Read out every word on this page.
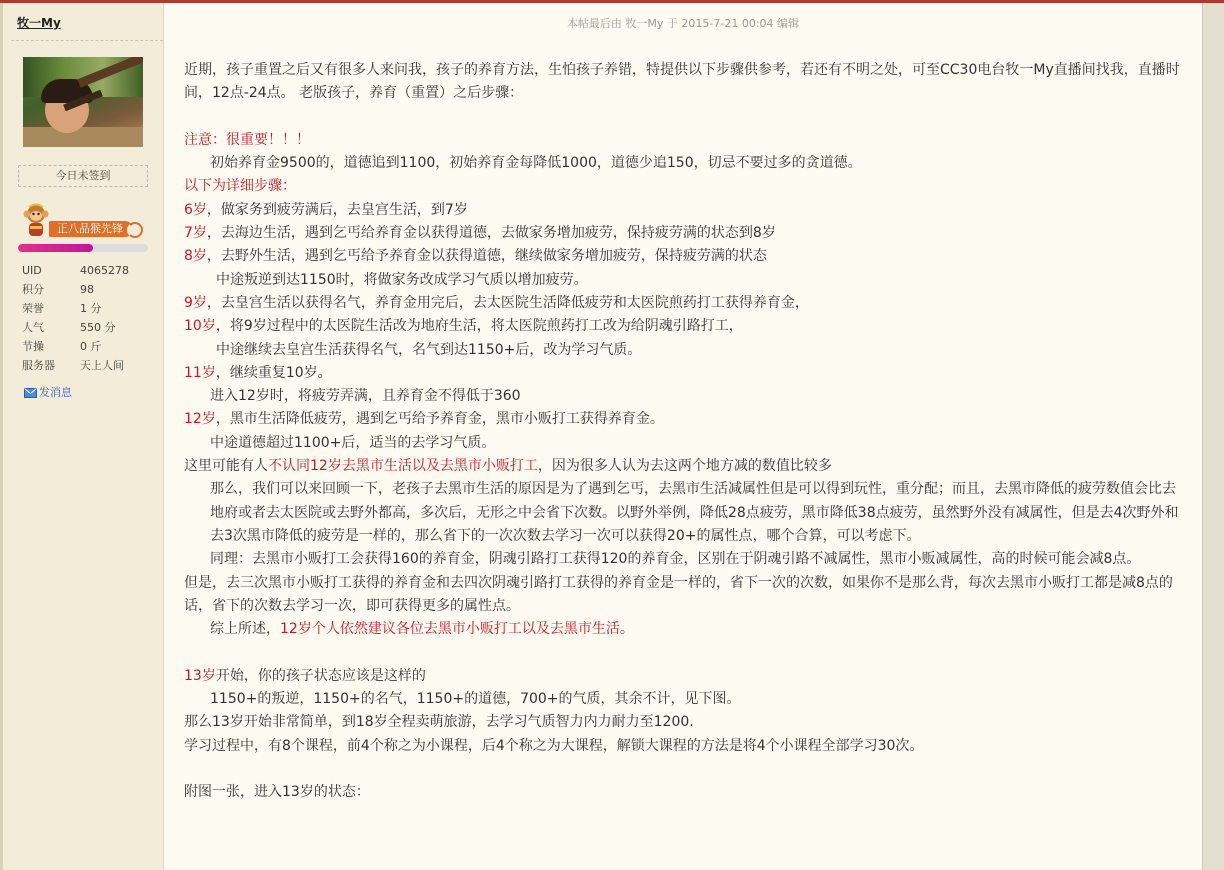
牧一My
今日未签到
正八品猴先锋
UID	4065278
积分	98
荣誉	1 分
人气	550 分
节操	0 斤
服务器 天上人间
发消息
本帖最后由 牧一My 于 2015-7-21 00:04 编辑

近期，孩子重置之后又有很多人来问我，孩子的养育方法，生怕孩子养错，特提供以下步骤供参考，若还有不明之处，可至CC30电台牧一My直播间找我，直播时间，12点-24点。 老版孩子，养育（重置）之后步骤：

注意：很重要！！！

初始养育金9500的，道德追到1100，初始养育金每降低1000，道德少追150，切忌不要过多的贪道德。

以下为详细步骤：

6岁，做家务到疲劳满后，去皇宫生活，到7岁

7岁，去海边生活，遇到乞丐给养育金以获得道德，去做家务增加疲劳，保持疲劳满的状态到8岁

8岁，去野外生活，遇到乞丐给予养育金以获得道德，继续做家务增加疲劳，保持疲劳满的状态

中途叛逆到达1150时，将做家务改成学习气质以增加疲劳。

9岁，去皇宫生活以获得名气，养育金用完后，去太医院生活降低疲劳和太医院煎药打工获得养育金，

10岁，将9岁过程中的太医院生活改为地府生活，将太医院煎药打工改为给阴魂引路打工，

中途继续去皇宫生活获得名气，名气到达1150+后，改为学习气质。

11岁，继续重复10岁。

进入12岁时，将疲劳弄满，且养育金不得低于360

12岁，黑市生活降低疲劳，遇到乞丐给予养育金，黑市小贩打工获得养育金。

中途道德超过1100+后，适当的去学习气质。

这里可能有人不认同12岁去黑市生活以及去黑市小贩打工，因为很多人认为去这两个地方减的数值比较多

那么，我们可以来回顾一下，老孩子去黑市生活的原因是为了遇到乞丐，去黑市生活减属性但是可以得到玩性，重分配；而且，去黑市降低的疲劳数值会比去地府或者去太医院或去野外都高，多次后，无形之中会省下次数。以野外举例，降低28点疲劳，黑市降低38点疲劳，虽然野外没有减属性，但是去4次野外和去3次黑市降低的疲劳是一样的，那么省下的一次次数去学习一次可以获得20+的属性点，哪个合算，可以考虑下。

同理：去黑市小贩打工会获得160的养育金，阴魂引路打工获得120的养育金，区别在于阴魂引路不减属性，黑市小贩减属性，高的时候可能会减8点。

但是，去三次黑市小贩打工获得的养育金和去四次阴魂引路打工获得的养育金是一样的，省下一次的次数，如果你不是那么背，每次去黑市小贩打工都是减8点的话，省下的次数去学习一次，即可获得更多的属性点。

综上所述，12岁个人依然建议各位去黑市小贩打工以及去黑市生活。

13岁开始，你的孩子状态应该是这样的

1150+的叛逆，1150+的名气，1150+的道德，700+的气质，其余不计，见下图。

那么13岁开始非常简单，到18岁全程卖萌旅游，去学习气质智力内力耐力至1200.

学习过程中，有8个课程，前4个称之为小课程，后4个称之为大课程，解锁大课程的方法是将4个小课程全部学习30次。

附图一张，进入13岁的状态：
